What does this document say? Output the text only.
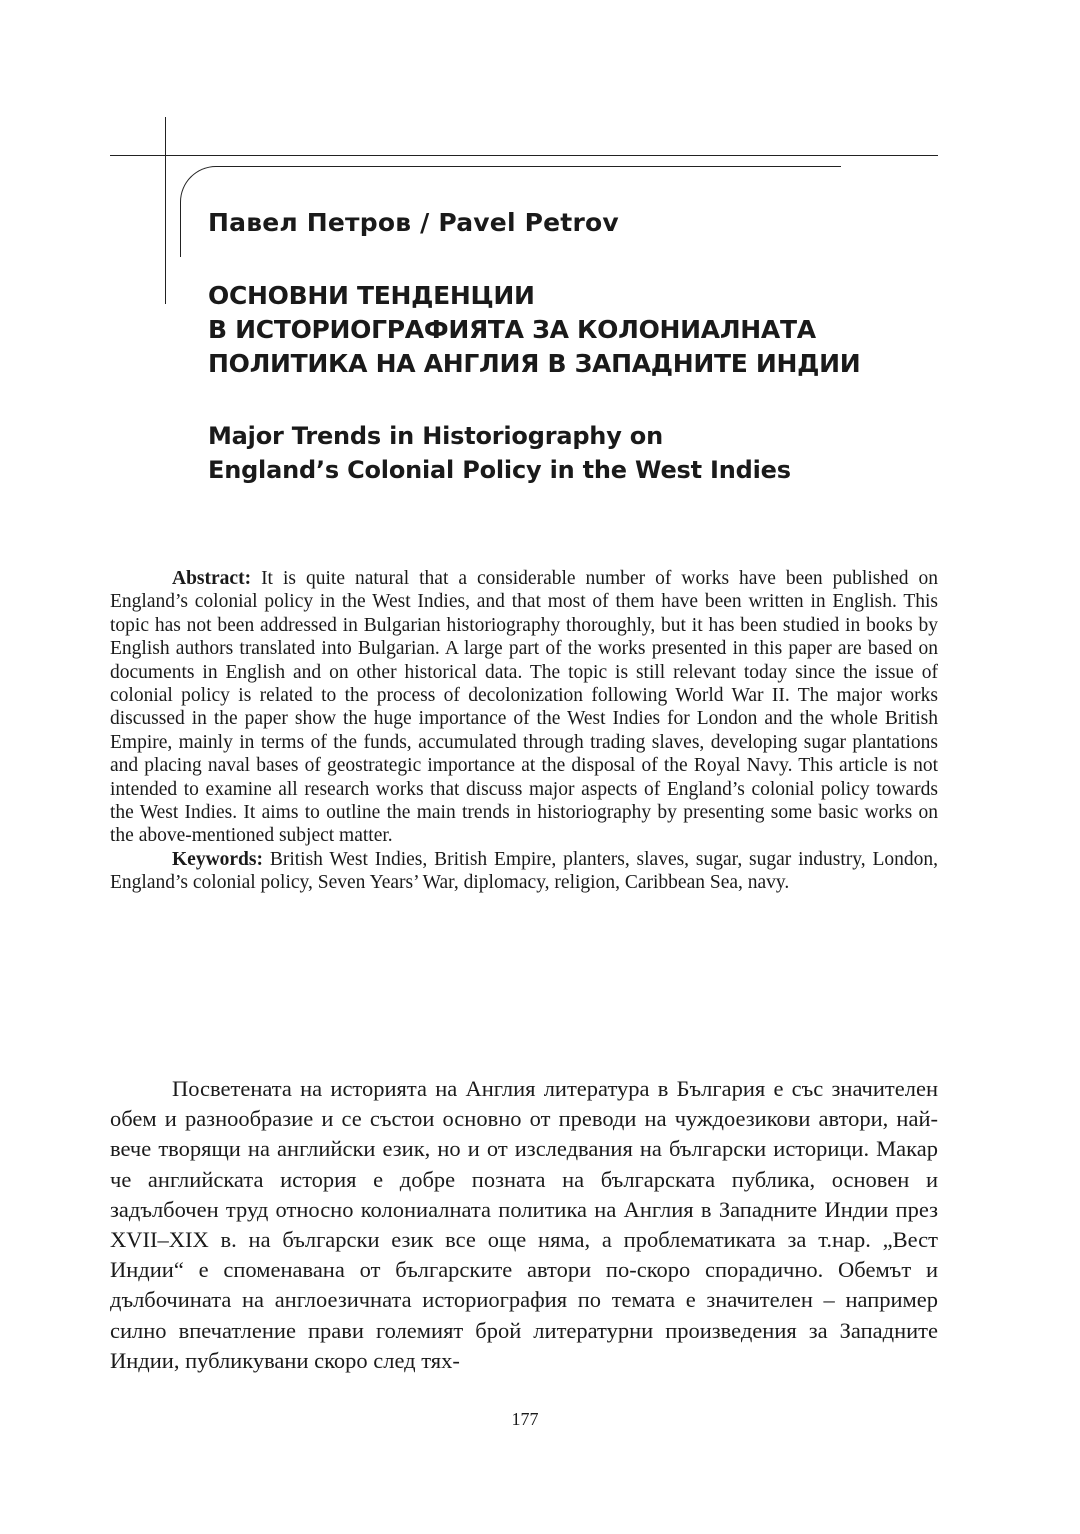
Павел Петров / Pavel Petrov
ОСНОВНИ ТЕНДЕНЦИИ
В ИСТОРИОГРАФИЯТА ЗА КОЛОНИАЛНАТА
ПОЛИТИКА НА АНГЛИЯ В ЗАПАДНИТЕ ИНДИИ
Major Trends in Historiography on
England’s Colonial Policy in the West Indies

Abstract: It is quite natural that a considerable number of works have been published on England’s colonial policy in the West Indies, and that most of them have been written in English. This topic has not been addressed in Bulgarian historiography thoroughly, but it has been studied in books by English authors translated into Bulgarian. A large part of the works presented in this paper are based on documents in English and on other historical data. The topic is still relevant today since the issue of colonial policy is related to the process of decolonization following World War II. The major works discussed in the paper show the huge importance of the West Indies for London and the whole British Empire, mainly in terms of the funds, accumulated through trading slaves, developing sugar plantations and placing naval bases of geostrategic importance at the disposal of the Royal Navy. This article is not intended to examine all research works that discuss major aspects of England’s colonial policy towards the West Indies. It aims to outline the main trends in historiography by presenting some basic works on the above-mentioned subject matter.

Keywords: British West Indies, British Empire, planters, slaves, sugar, sugar industry, London, England’s colonial policy, Seven Years’ War, diplomacy, religion, Caribbean Sea, navy.

Посветената на историята на Англия литература в България е със значителен обем и разнообразие и се състои основно от преводи на чуждоезикови автори, най-вече творящи на английски език, но и от изследвания на български историци. Макар че английската история е добре позната на българската публика, основен и задълбочен труд относно колониалната политика на Англия в Западните Индии през XVII–XIX в. на български език все още няма, а проблематиката за т.нар. „Вест Индии“ е споменавана от българските автори по-скоро спорадично. Обемът и дълбочината на англоезичната историография по темата е значителен – например силно впечатление прави големият брой литературни произведения за Западните Индии, публикувани скоро след тях-

177
